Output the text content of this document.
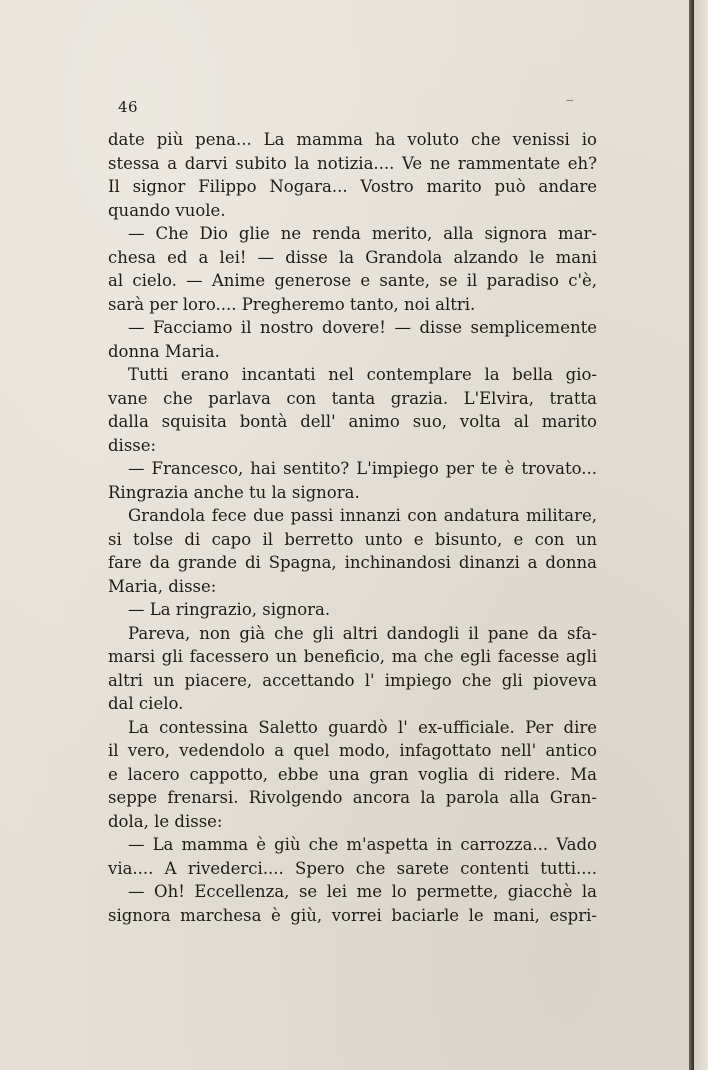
46
date più pena... La mamma ha voluto che venissi io
stessa a darvi subito la notizia.... Ve ne rammentate eh?
Il signor Filippo Nogara... Vostro marito può andare
quando vuole.
— Che Dio glie ne renda merito, alla signora mar-
chesa ed a lei! — disse la Grandola alzando le mani
al cielo. — Anime generose e sante, se il paradiso c'è,
sarà per loro.... Pregheremo tanto, noi altri.
— Facciamo il nostro dovere! — disse semplicemente
donna Maria.
Tutti erano incantati nel contemplare la bella gio-
vane che parlava con tanta grazia. L'Elvira, tratta
dalla squisita bontà dell' animo suo, volta al marito
disse:
— Francesco, hai sentito? L'impiego per te è trovato...
Ringrazia anche tu la signora.
Grandola fece due passi innanzi con andatura militare,
si tolse di capo il berretto unto e bisunto, e con un
fare da grande di Spagna, inchinandosi dinanzi a donna
Maria, disse:
— La ringrazio, signora.
Pareva, non già che gli altri dandogli il pane da sfa-
marsi gli facessero un beneficio, ma che egli facesse agli
altri un piacere, accettando l' impiego che gli pioveva
dal cielo.
La contessina Saletto guardò l' ex-ufficiale. Per dire
il vero, vedendolo a quel modo, infagottato nell' antico
e lacero cappotto, ebbe una gran voglia di ridere. Ma
seppe frenarsi. Rivolgendo ancora la parola alla Gran-
dola, le disse:
— La mamma è giù che m'aspetta in carrozza... Vado
via.... A rivederci.... Spero che sarete contenti tutti....
— Oh! Eccellenza, se lei me lo permette, giacchè la
signora marchesa è giù, vorrei baciarle le mani, espri-
